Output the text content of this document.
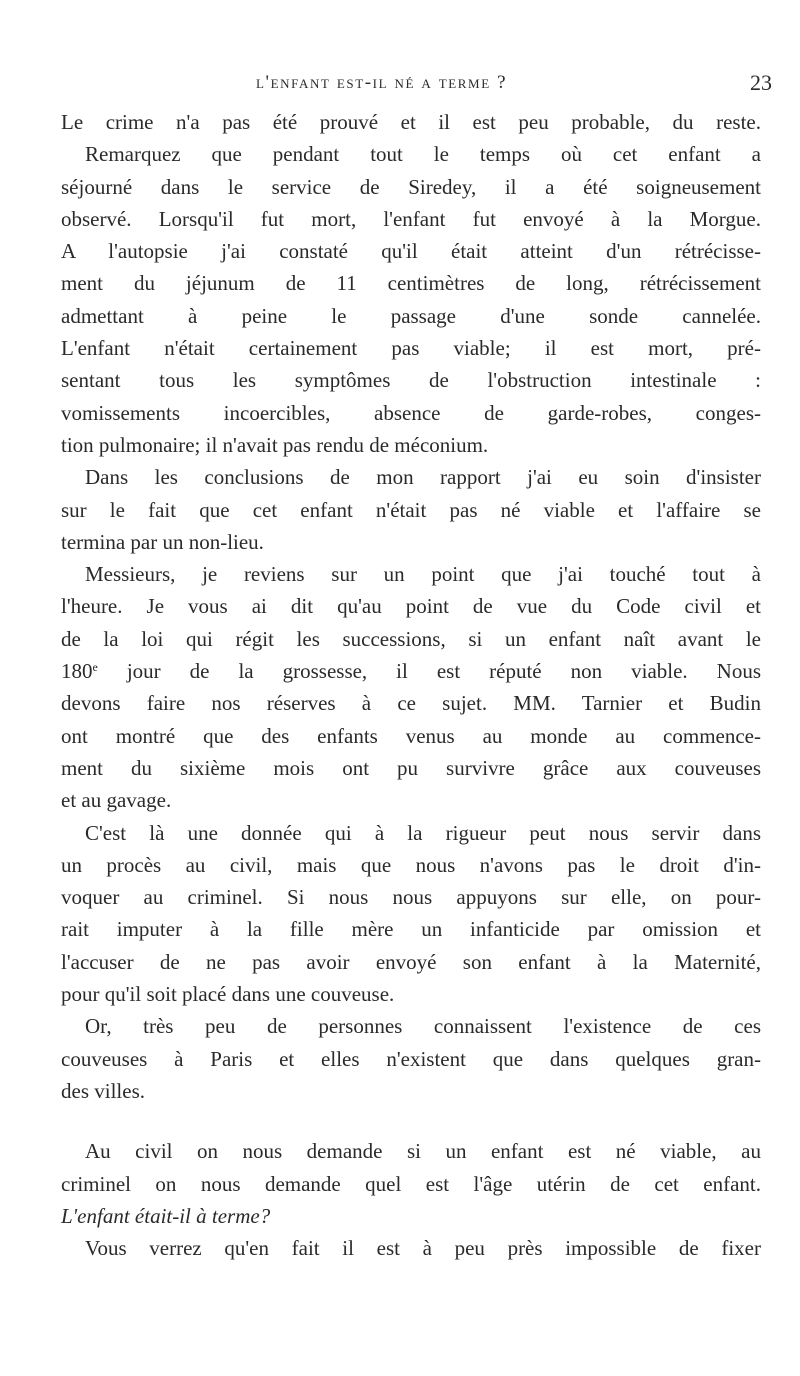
l'enfant est-il né a terme ?	23
Le crime n'a pas été prouvé et il est peu probable, du reste.
Remarquez que pendant tout le temps où cet enfant a
séjourné dans le service de Siredey, il a été soigneusement
observé. Lorsqu'il fut mort, l'enfant fut envoyé à la Morgue.
A l'autopsie j'ai constaté qu'il était atteint d'un rétrécisse-
ment du jéjunum de 11 centimètres de long, rétrécissement
admettant à peine le passage d'une sonde cannelée.
L'enfant n'était certainement pas viable; il est mort, pré-
sentant tous les symptômes de l'obstruction intestinale :
vomissements incoercibles, absence de garde-robes, conges-
tion pulmonaire; il n'avait pas rendu de méconium.
Dans les conclusions de mon rapport j'ai eu soin d'insister
sur le fait que cet enfant n'était pas né viable et l'affaire se
termina par un non-lieu.
Messieurs, je reviens sur un point que j'ai touché tout à
l'heure. Je vous ai dit qu'au point de vue du Code civil et
de la loi qui régit les successions, si un enfant naît avant le
180e jour de la grossesse, il est réputé non viable. Nous
devons faire nos réserves à ce sujet. MM. Tarnier et Budin
ont montré que des enfants venus au monde au commence-
ment du sixième mois ont pu survivre grâce aux couveuses
et au gavage.
C'est là une donnée qui à la rigueur peut nous servir dans
un procès au civil, mais que nous n'avons pas le droit d'in-
voquer au criminel. Si nous nous appuyons sur elle, on pour-
rait imputer à la fille mère un infanticide par omission et
l'accuser de ne pas avoir envoyé son enfant à la Maternité,
pour qu'il soit placé dans une couveuse.
Or, très peu de personnes connaissent l'existence de ces
couveuses à Paris et elles n'existent que dans quelques gran-
des villes.
Au civil on nous demande si un enfant est né viable, au
criminel on nous demande quel est l'âge utérin de cet enfant.
L'enfant était-il à terme?
Vous verrez qu'en fait il est à peu près impossible de fixer
